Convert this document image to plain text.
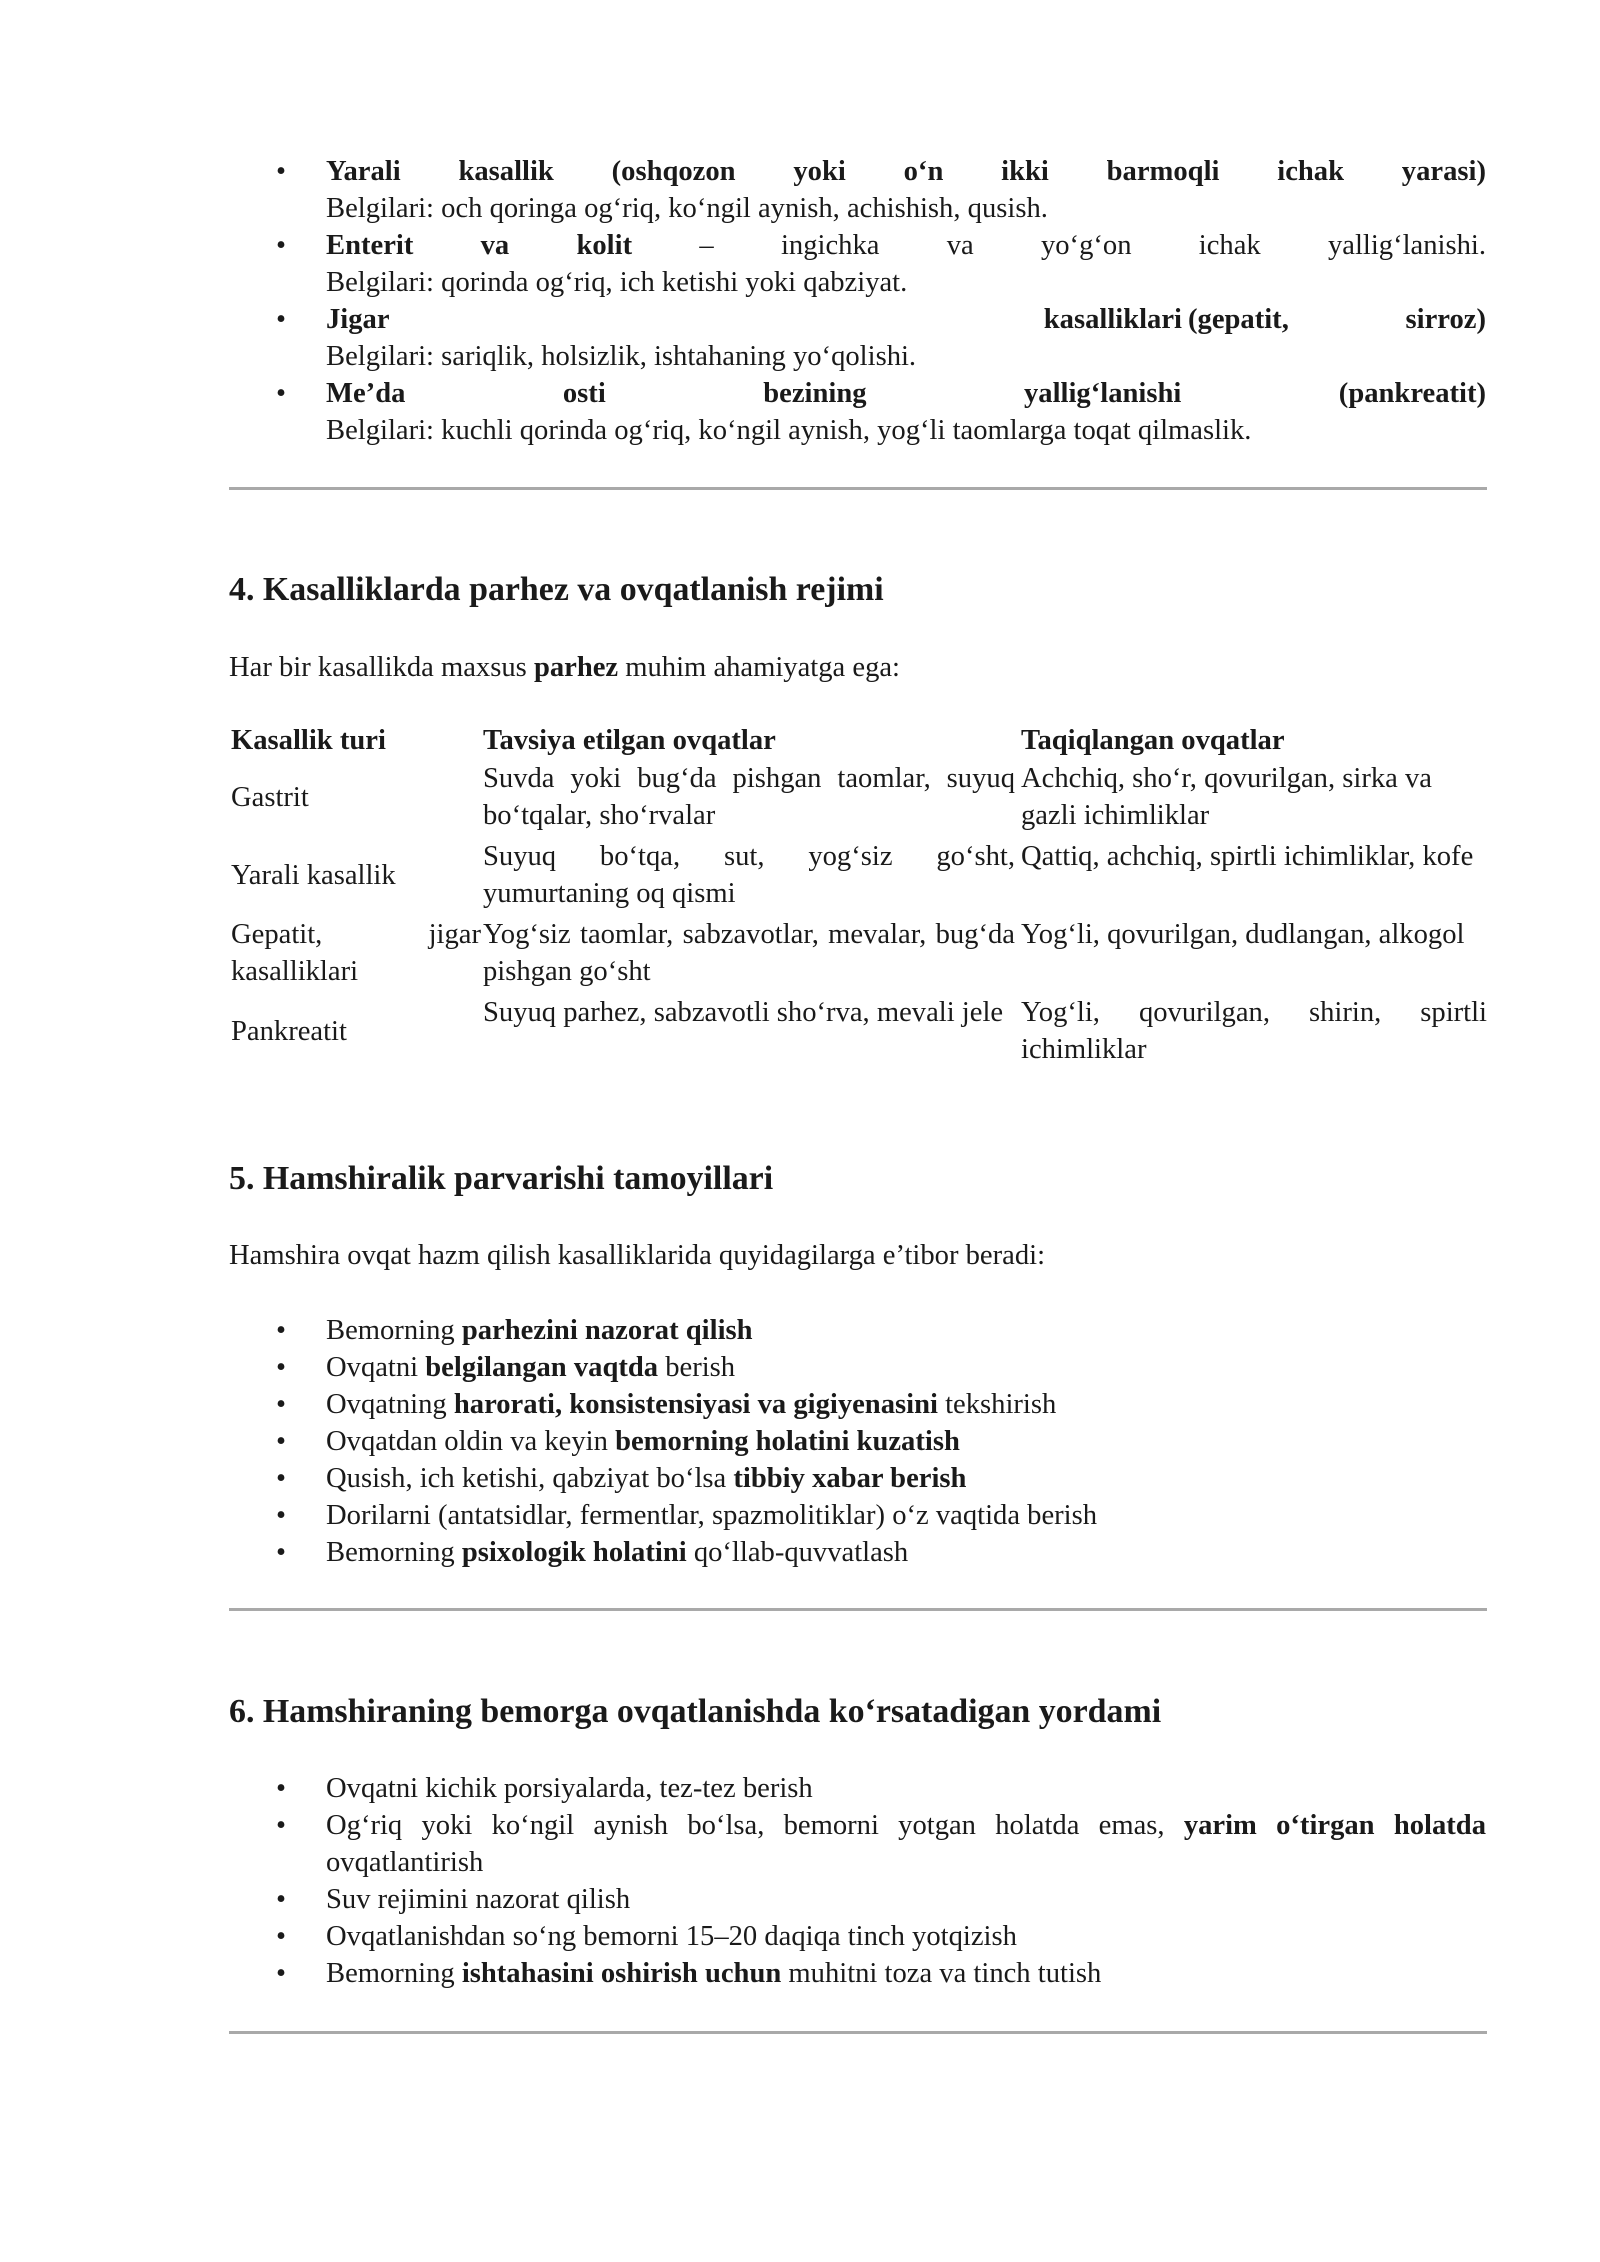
• Yarali kasallik (oshqozon yoki o‘n ikki barmoqli ichak yarasi)
Belgilari: och qoringa og‘riq, ko‘ngil aynish, achishish, qusish.
• Enterit va kolit – ingichka va yo‘g‘on ichak yallig‘lanishi.
Belgilari: qorinda og‘riq, ich ketishi yoki qabziyat.
• Jigar kasalliklari (gepatit, sirroz)
Belgilari: sariqlik, holsizlik, ishtahaning yo‘qolishi.
• Me’da osti bezining yallig‘lanishi (pankreatit)
Belgilari: kuchli qorinda og‘riq, ko‘ngil aynish, yog‘li taomlarga toqat qilmaslik.
4. Kasalliklarda parhez va ovqatlanish rejimi

Har bir kasallikda maxsus parhez muhim ahamiyatga ega:

Kasallik turi	Tavsiya etilgan ovqatlar	Taqiqlangan ovqatlar
Gastrit
Suvda yoki bug‘da pishgan taomlar, suyuq bo‘tqalar, sho‘rvalar
Achchiq, sho‘r, qovurilgan, sirka va gazli ichimliklar
Yarali kasallik
Suyuq bo‘tqa, sut, yog‘siz go‘sht, yumurtaning oq qismi
Qattiq, achchiq, spirtli ichimliklar, kofe
Gepatit, jigar kasalliklari
Yog‘siz taomlar, sabzavotlar, mevalar, bug‘da pishgan go‘sht
Yog‘li, qovurilgan, dudlangan, alkogol
Pankreatit
Suyuq parhez, sabzavotli sho‘rva, mevali jele Yog‘li, qovurilgan, shirin, spirtli ichimliklar
5. Hamshiralik parvarishi tamoyillari

Hamshira ovqat hazm qilish kasalliklarida quyidagilarga e’tibor beradi:

• Bemorning parhezini nazorat qilish
• Ovqatni belgilangan vaqtda berish
• Ovqatning harorati, konsistensiyasi va gigiyenasini tekshirish
• Ovqatdan oldin va keyin bemorning holatini kuzatish
• Qusish, ich ketishi, qabziyat bo‘lsa tibbiy xabar berish
• Dorilarni (antatsidlar, fermentlar, spazmolitiklar) o‘z vaqtida berish
• Bemorning psixologik holatini qo‘llab-quvvatlash
6. Hamshiraning bemorga ovqatlanishda ko‘rsatadigan yordami
• Ovqatni kichik porsiyalarda, tez-tez berish
• Og‘riq yoki ko‘ngil aynish bo‘lsa, bemorni yotgan holatda emas, yarim o‘tirgan holatda ovqatlantirish
• Suv rejimini nazorat qilish
• Ovqatlanishdan so‘ng bemorni 15–20 daqiqa tinch yotqizish
• Bemorning ishtahasini oshirish uchun muhitni toza va tinch tutish
